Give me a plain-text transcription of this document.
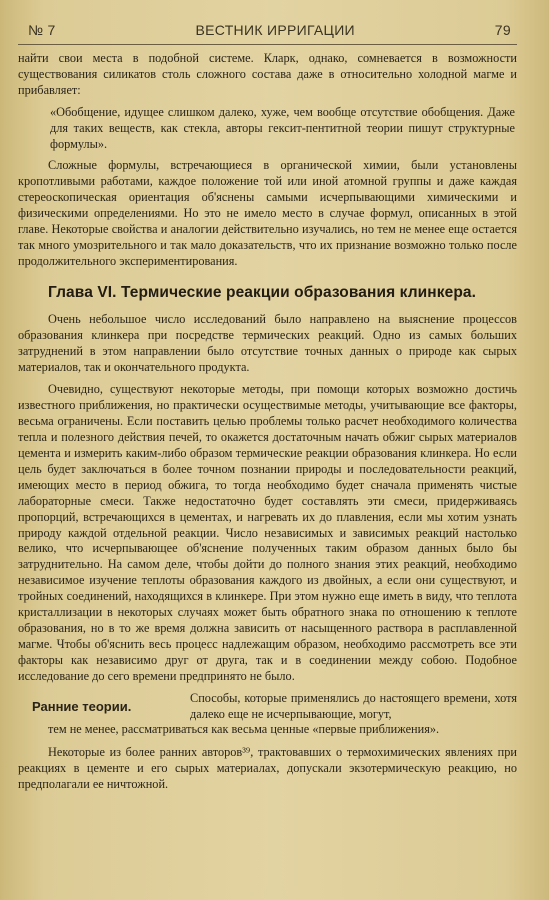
№ 7	ВЕСТНИК ИРРИГАЦИИ	79

найти свои места в подобной системе. Кларк, однако, сомневается в возможности существования силикатов столь сложного состава даже в относительно холодной магме и прибавляет:

«Обобщение, идущее слишком далеко, хуже, чем вообще отсутствие обобщения. Даже для таких веществ, как стекла, авторы гексит-пентитной теории пишут структурные формулы».

Сложные формулы, встречающиеся в органической химии, были установлены кропотливыми работами, каждое положение той или иной атомной группы и даже каждая стереоскопическая ориентация об'яснены самыми исчерпывающими химическими и физическими определениями. Но это не имело место в случае формул, описанных в этой главе. Некоторые свойства и аналогии действительно изучались, но тем не менее еще остается так много умозрительного и так мало доказательств, что их признание возможно только после продолжительного экспериментирования.

Глава VI. Термические реакции образования клинкера.

Очень небольшое число исследований было направлено на выяснение процессов образования клинкера при посредстве термических реакций. Одно из самых больших затруднений в этом направлении было отсутствие точных данных о природе как сырых материалов, так и окончательного продукта.

Очевидно, существуют некоторые методы, при помощи которых возможно достичь известного приближения, но практически осуществимые методы, учитывающие все факторы, весьма ограничены. Если поставить целью проблемы только расчет необходимого количества тепла и полезного действия печей, то окажется достаточным начать обжиг сырых материалов цемента и измерить каким-либо образом термические реакции образования клинкера. Но если цель будет заключаться в более точном познании природы и последовательности реакций, имеющих место в период обжига, то тогда необходимо будет сначала применять чистые лабораторные смеси. Также недостаточно будет составлять эти смеси, придерживаясь пропорций, встречающихся в цементах, и нагревать их до плавления, если мы хотим узнать природу каждой отдельной реакции. Число независимых и зависимых реакций настолько велико, что исчерпывающее об'яснение полученных таким образом данных было бы затруднительно. На самом деле, чтобы дойти до полного знания этих реакций, необходимо независимое изучение теплоты образования каждого из двойных, а если они существуют, и тройных соединений, находящихся в клинкере. При этом нужно еще иметь в виду, что теплота кристаллизации в некоторых случаях может быть обратного знака по отношению к теплоте образования, но в то же время должна зависить от насыщенного раствора в расплавленной магме. Чтобы об'яснить весь процесс надлежащим образом, необходимо рассмотреть все эти факторы как независимо друг от друга, так и в соединении между собою. Подобное исследование до сего времени предпринято не было.

Ранние теории.
Способы, которые применялись до настоящего времени, хотя далеко еще не исчерпывающие, могут,

тем не менее, рассматриваться как весьма ценные «первые приближения».

Некоторые из более ранних авторов³⁹, трактовавших о термохимических явлениях при реакциях в цементе и его сырых материалах, допускали экзотермическую реакцию, но предполагали ее ничтожной.
